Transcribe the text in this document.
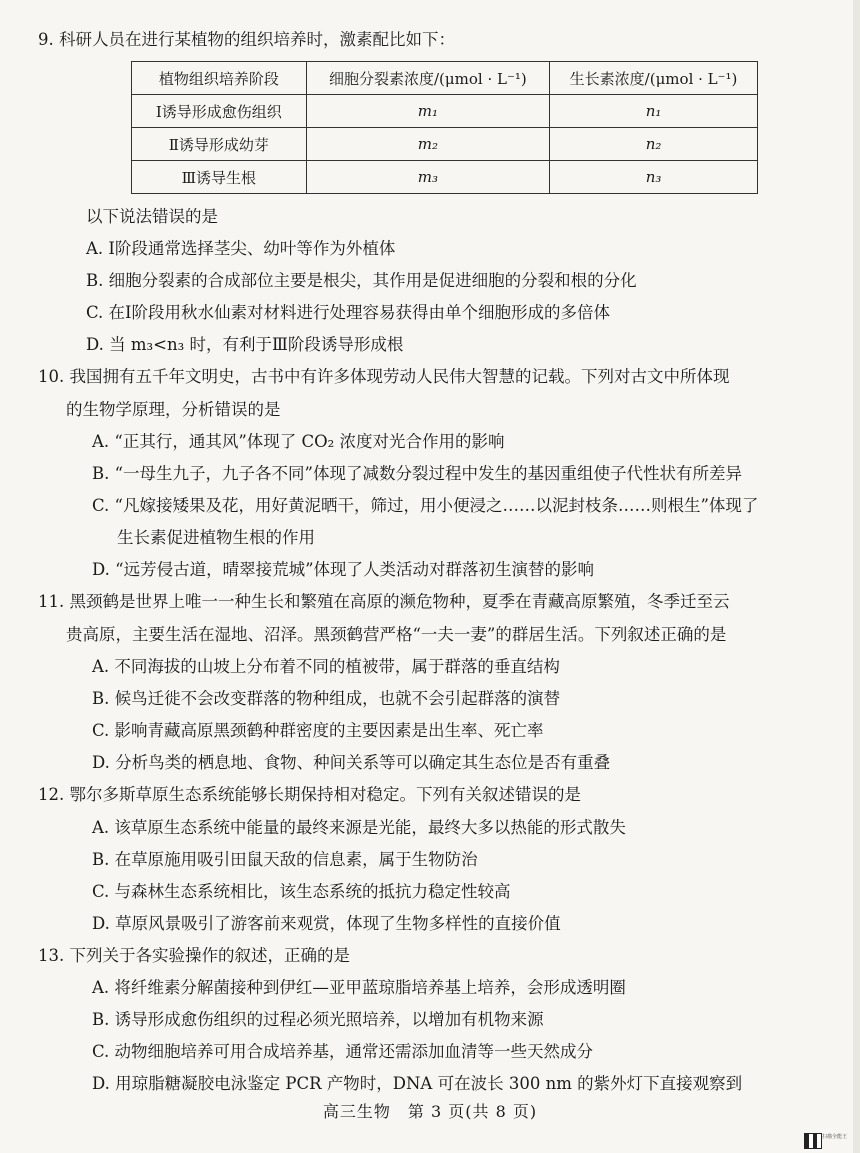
9. 科研人员在进行某植物的组织培养时，激素配比如下：
植物组织培养阶段	细胞分裂素浓度/(μmol · L⁻¹)	生长素浓度/(μmol · L⁻¹)
Ⅰ诱导形成愈伤组织	m₁	n₁
Ⅱ诱导形成幼芽	m₂	n₂
Ⅲ诱导生根	m₃	n₃
以下说法错误的是
A. Ⅰ阶段通常选择茎尖、幼叶等作为外植体
B. 细胞分裂素的合成部位主要是根尖，其作用是促进细胞的分裂和根的分化
C. 在Ⅰ阶段用秋水仙素对材料进行处理容易获得由单个细胞形成的多倍体
D. 当 m₃<n₃ 时，有利于Ⅲ阶段诱导形成根
10. 我国拥有五千年文明史，古书中有许多体现劳动人民伟大智慧的记载。下列对古文中所体现
的生物学原理，分析错误的是
A. “正其行，通其风”体现了 CO₂ 浓度对光合作用的影响
B. “一母生九子，九子各不同”体现了减数分裂过程中发生的基因重组使子代性状有所差异
C. “凡嫁接矮果及花，用好黄泥晒干，筛过，用小便浸之……以泥封枝条……则根生”体现了
生长素促进植物生根的作用
D. “远芳侵古道，晴翠接荒城”体现了人类活动对群落初生演替的影响
11. 黑颈鹤是世界上唯一一种生长和繁殖在高原的濒危物种，夏季在青藏高原繁殖，冬季迁至云
贵高原，主要生活在湿地、沼泽。黑颈鹤营严格“一夫一妻”的群居生活。下列叙述正确的是
A. 不同海拔的山坡上分布着不同的植被带，属于群落的垂直结构
B. 候鸟迁徙不会改变群落的物种组成，也就不会引起群落的演替
C. 影响青藏高原黑颈鹤种群密度的主要因素是出生率、死亡率
D. 分析鸟类的栖息地、食物、种间关系等可以确定其生态位是否有重叠
12. 鄂尔多斯草原生态系统能够长期保持相对稳定。下列有关叙述错误的是
A. 该草原生态系统中能量的最终来源是光能，最终大多以热能的形式散失
B. 在草原施用吸引田鼠天敌的信息素，属于生物防治
C. 与森林生态系统相比，该生态系统的抵抗力稳定性较高
D. 草原风景吸引了游客前来观赏，体现了生物多样性的直接价值
13. 下列关于各实验操作的叙述，正确的是
A. 将纤维素分解菌接种到伊红—亚甲蓝琼脂培养基上培养，会形成透明圈
B. 诱导形成愈伤组织的过程必须光照培养，以增加有机物来源
C. 动物细胞培养可用合成培养基，通常还需添加血清等一些天然成分
D. 用琼脂糖凝胶电泳鉴定 PCR 产物时，DNA 可在波长 300 nm 的紫外灯下直接观察到
高三生物　第 3 页(共 8 页)
扫描全能王
